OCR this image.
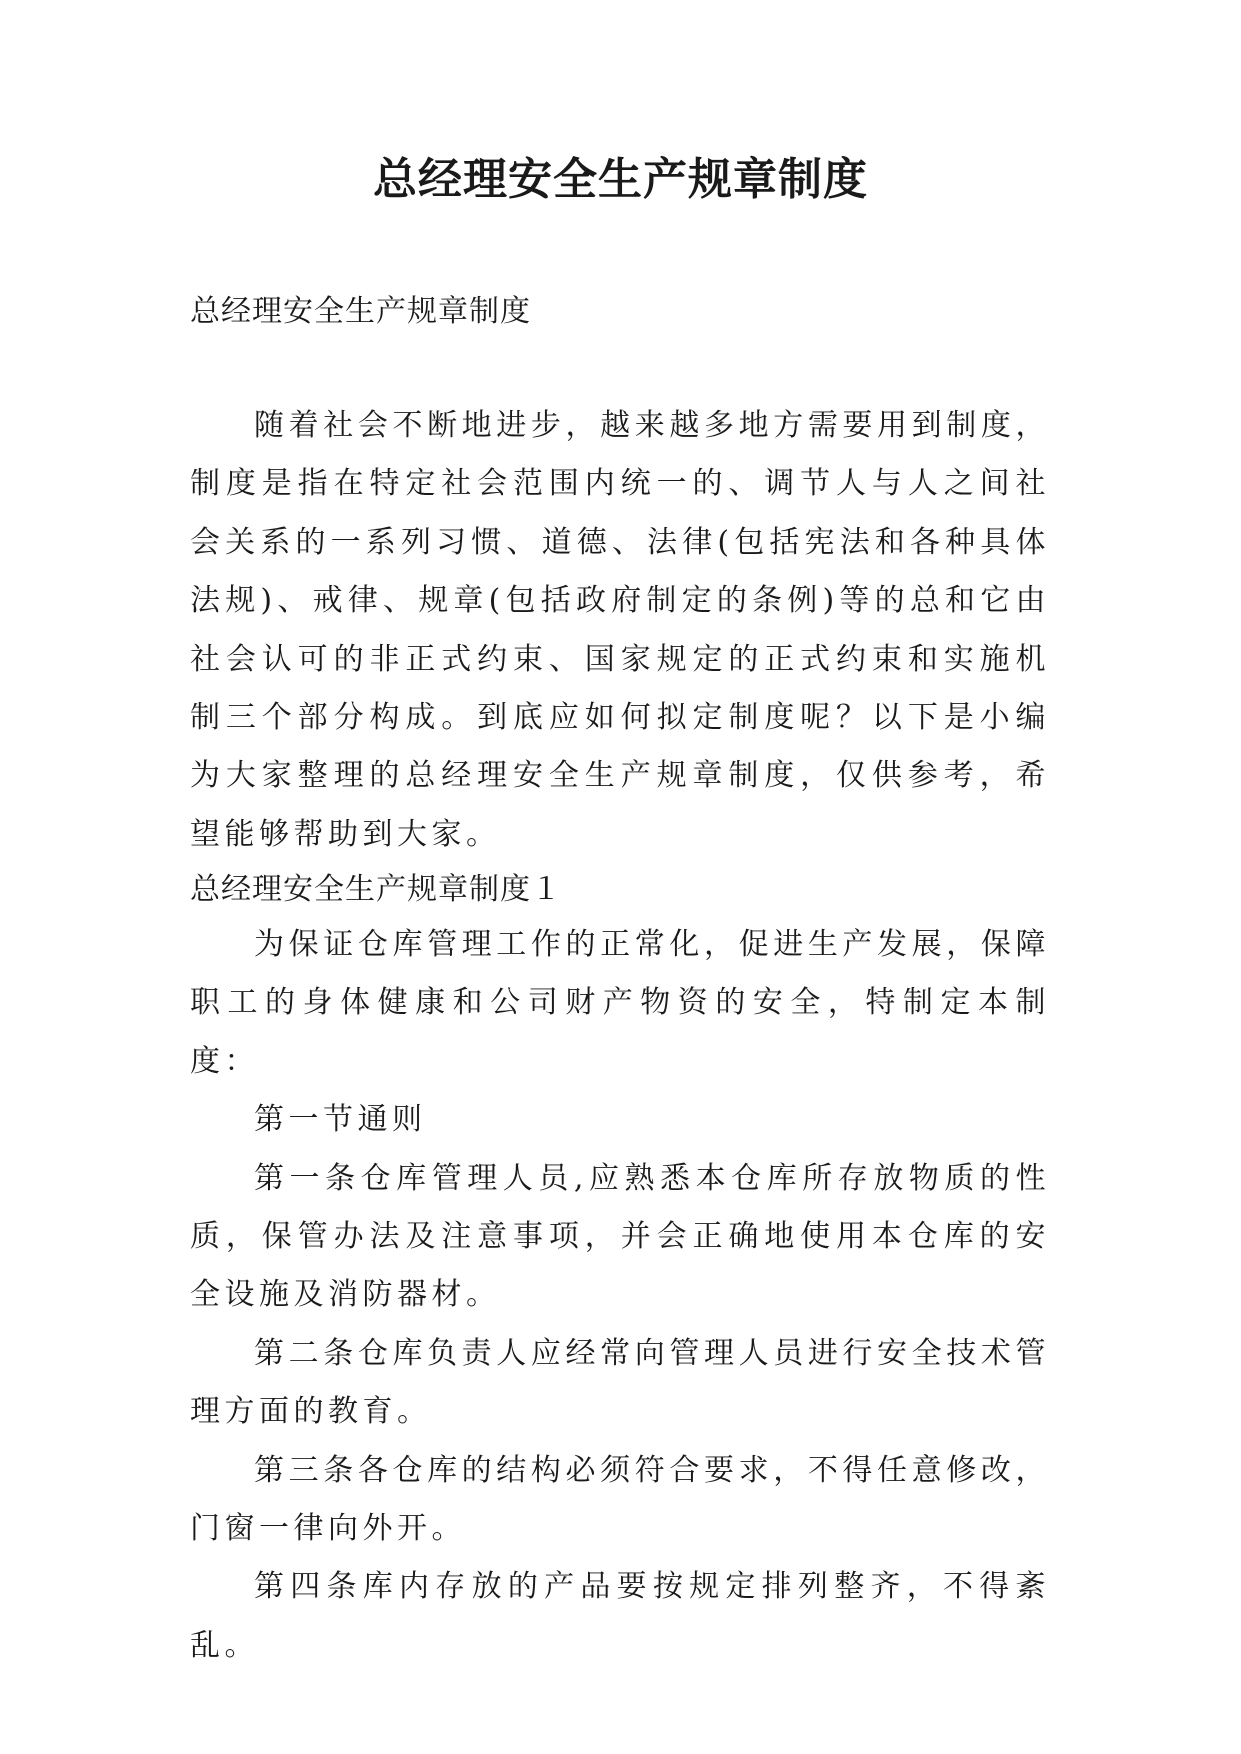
总经理安全生产规章制度

总经理安全生产规章制度

随着社会不断地进步，越来越多地方需要用到制度，制度是指在特定社会范围内统一的、调节人与人之间社会关系的一系列习惯、道德、法律(包括宪法和各种具体法规)、戒律、规章(包括政府制定的条例)等的总和它由社会认可的非正式约束、国家规定的正式约束和实施机制三个部分构成。到底应如何拟定制度呢？以下是小编为大家整理的总经理安全生产规章制度，仅供参考，希望能够帮助到大家。

总经理安全生产规章制度１

为保证仓库管理工作的正常化，促进生产发展，保障职工的身体健康和公司财产物资的安全，特制定本制度：

第一节通则

第一条仓库管理人员,应熟悉本仓库所存放物质的性质，保管办法及注意事项，并会正确地使用本仓库的安全设施及消防器材。

第二条仓库负责人应经常向管理人员进行安全技术管理方面的教育。

第三条各仓库的结构必须符合要求，不得任意修改，门窗一律向外开。

第四条库内存放的产品要按规定排列整齐，不得紊乱。
